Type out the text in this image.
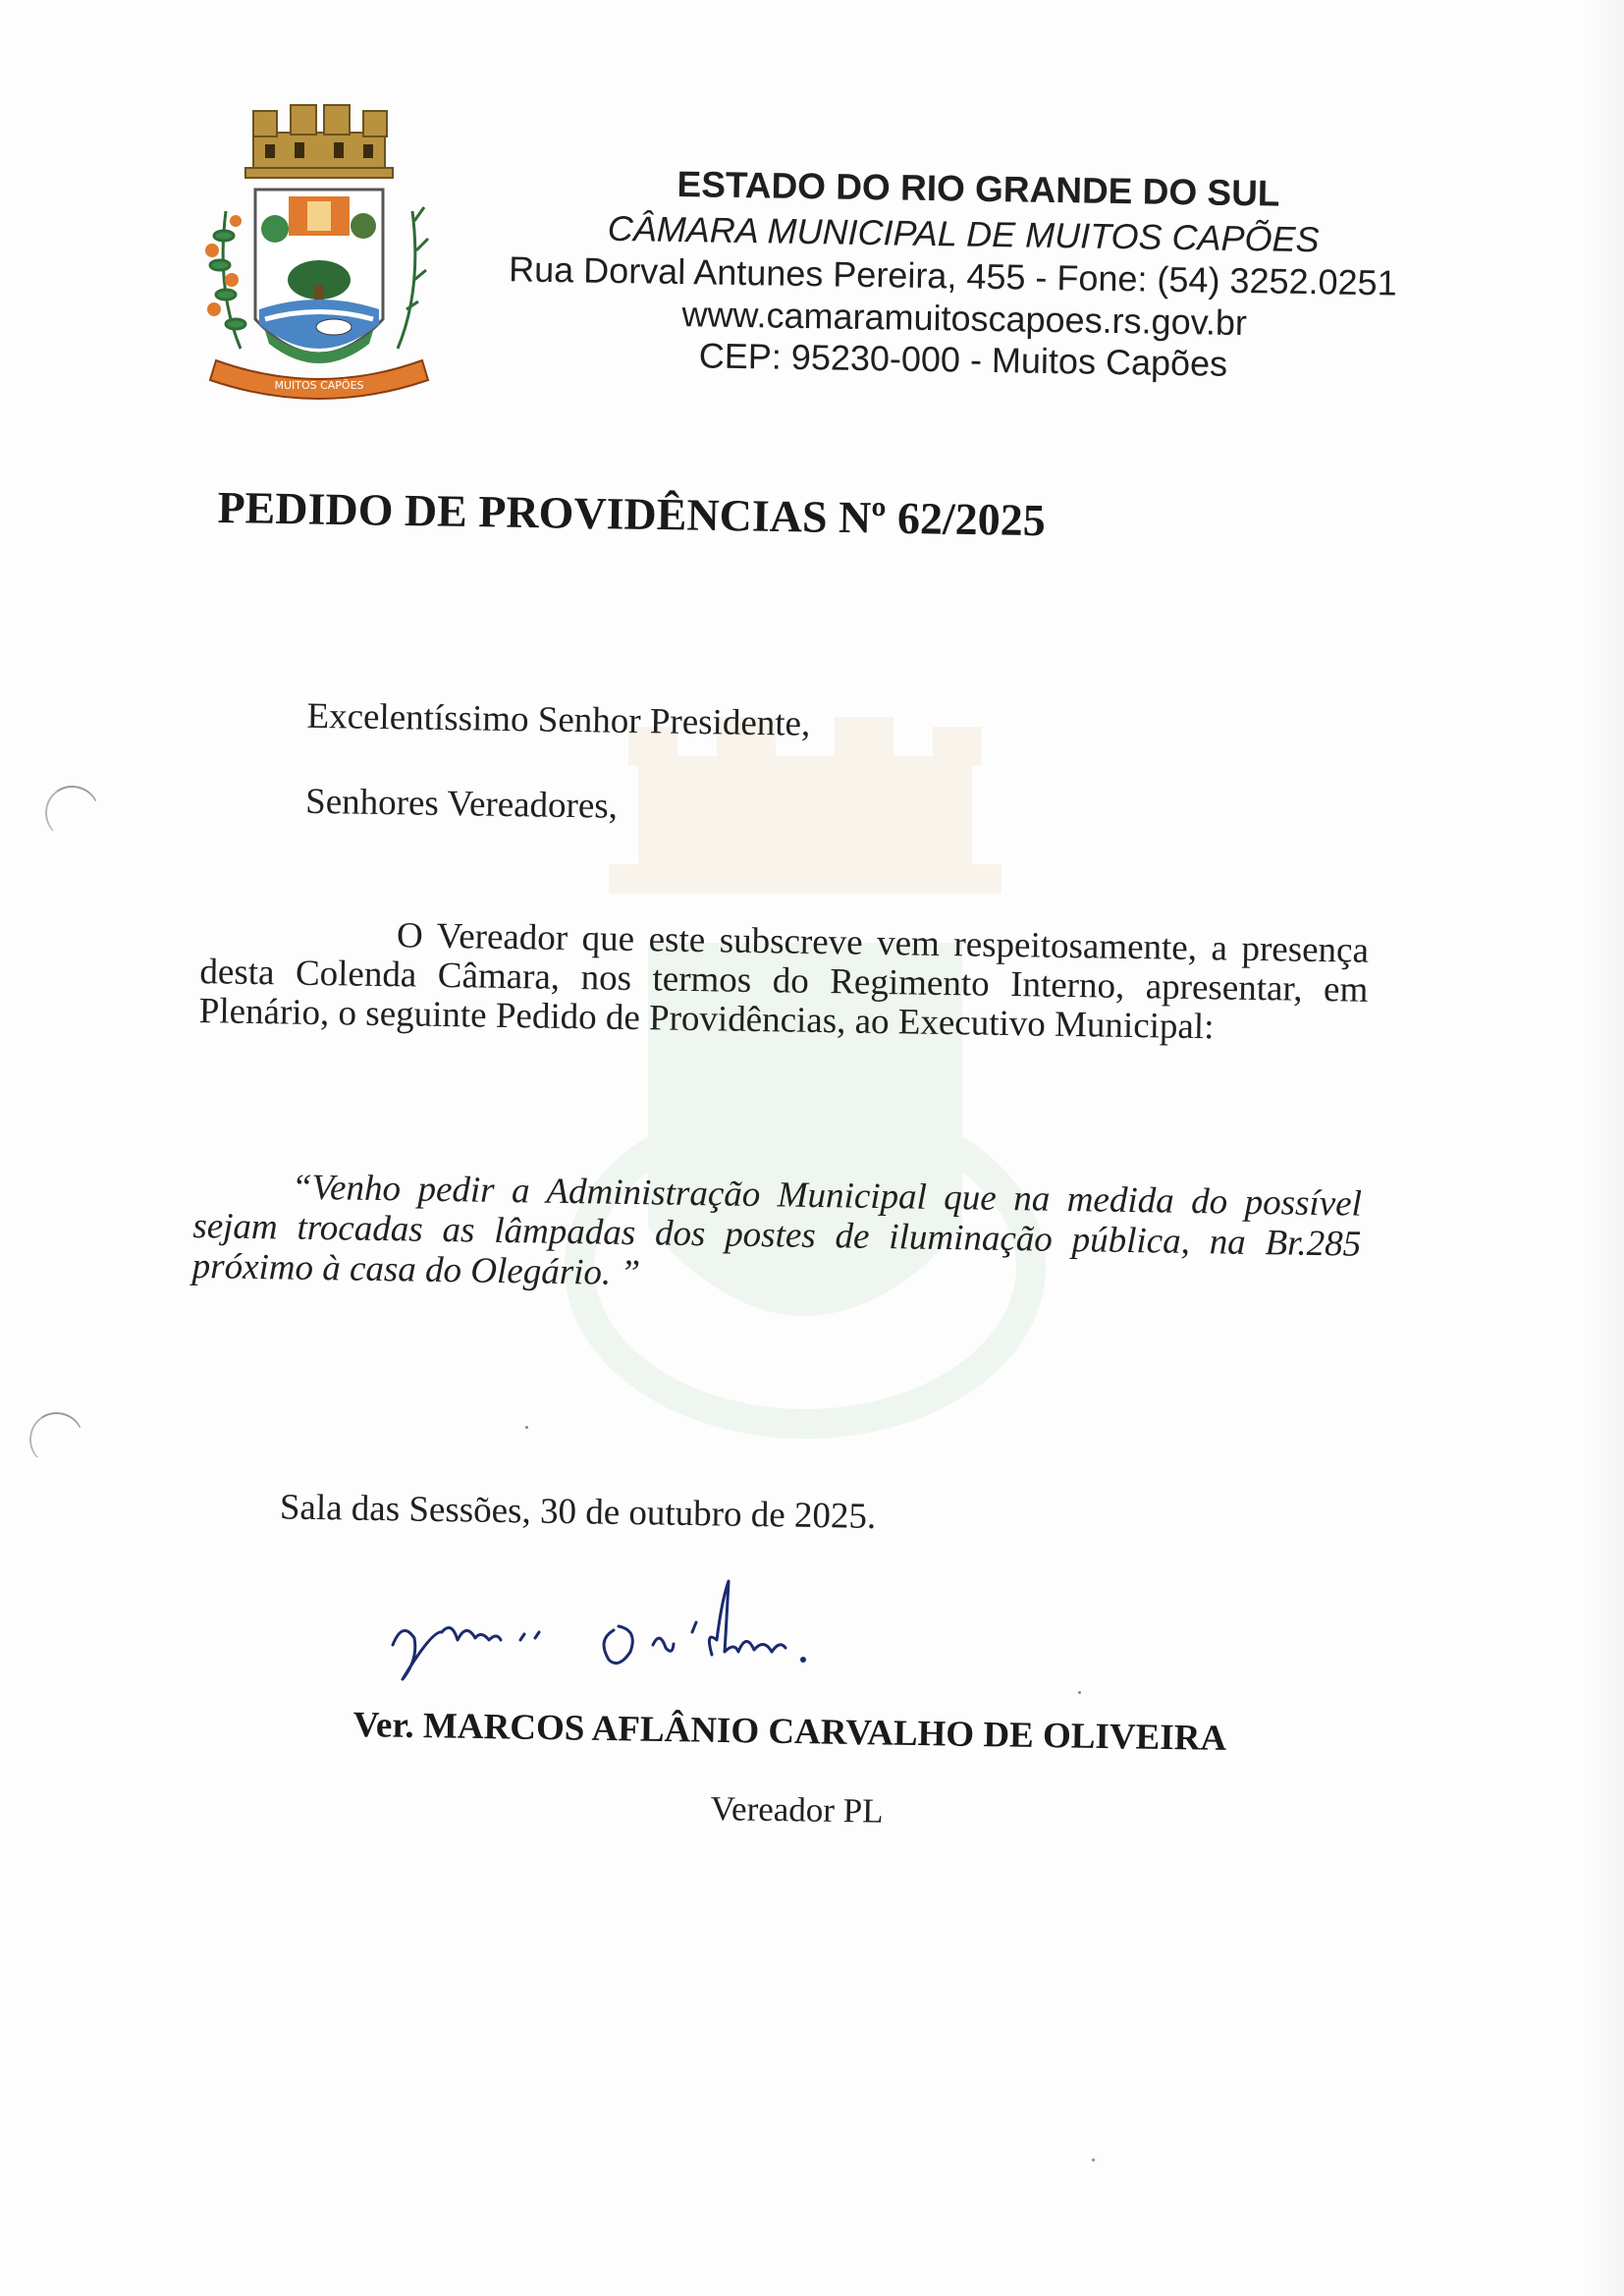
MUITOS CAPÕES
ESTADO DO RIO GRANDE DO SUL
CÂMARA MUNICIPAL DE MUITOS CAPÕES
Rua Dorval Antunes Pereira, 455 - Fone: (54) 3252.0251
www.camaramuitoscapoes.rs.gov.br
CEP: 95230-000 - Muitos Capões
PEDIDO DE PROVIDÊNCIAS Nº 62/2025
Excelentíssimo Senhor Presidente,
Senhores Vereadores,
O Vereador que este subscreve vem respeitosamente, a presença desta Colenda Câmara, nos termos do Regimento Interno, apresentar, em Plenário, o seguinte Pedido de Providências, ao Executivo Municipal:
“Venho pedir a Administração Municipal que na medida do possível sejam trocadas as lâmpadas dos postes de iluminação pública, na Br.285 próximo à casa do Olegário. ”
Sala das Sessões, 30 de outubro de 2025.
Ver. MARCOS AFLÂNIO CARVALHO DE OLIVEIRA
Vereador PL
